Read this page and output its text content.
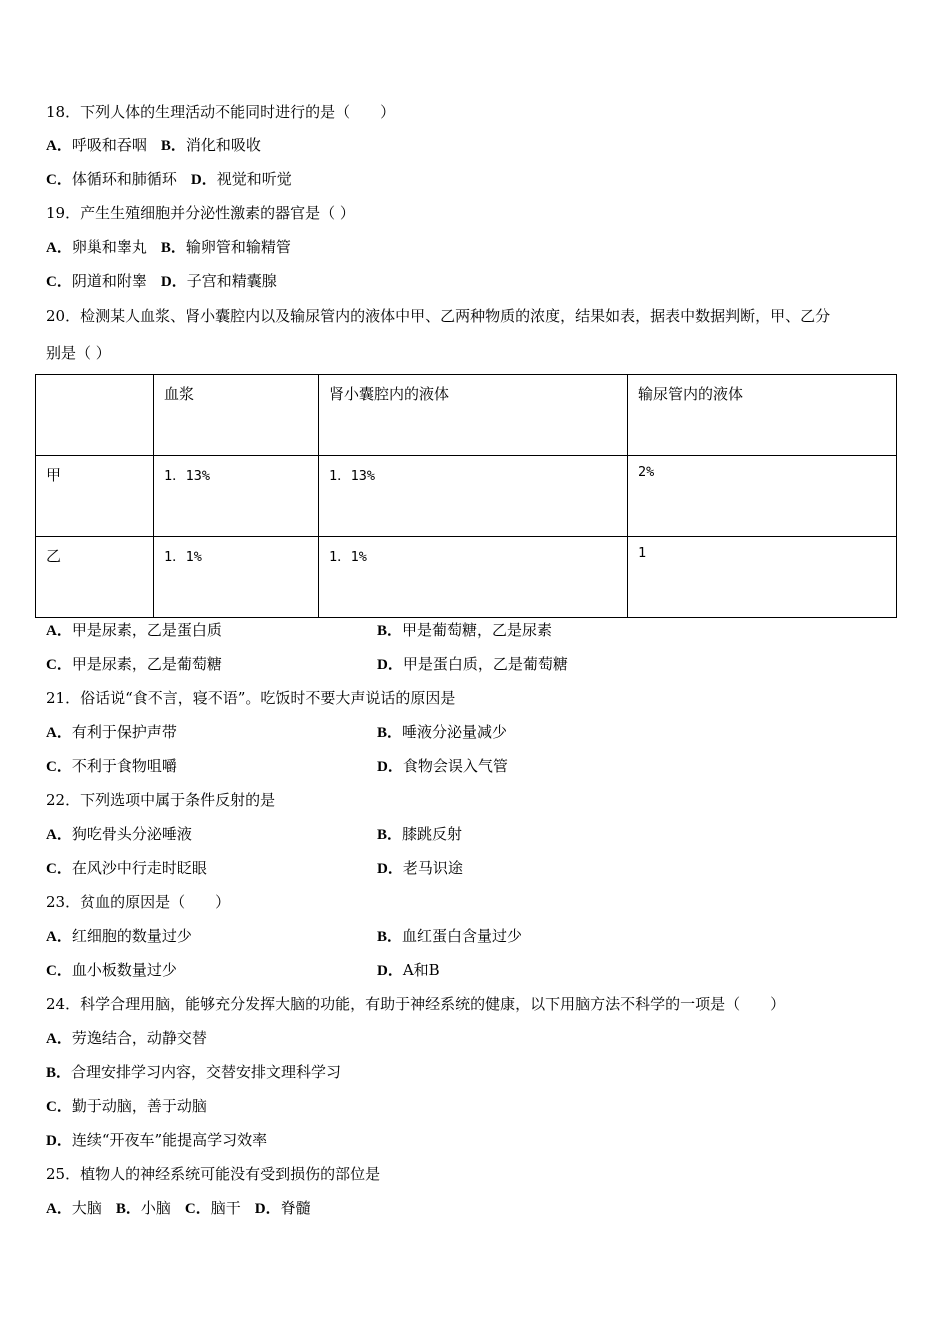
18．下列人体的生理活动不能同时进行的是（　　）
A．呼吸和吞咽 B．消化和吸收
C．体循环和肺循环 D．视觉和听觉
19．产生生殖细胞并分泌性激素的器官是（ ）
A．卵巢和睾丸 B．输卵管和输精管
C．阴道和附睾 D．子宫和精囊腺
20．检测某人血浆、肾小囊腔内以及输尿管内的液体中甲、乙两种物质的浓度，结果如表，据表中数据判断，甲、乙分
别是（ ）
	血浆	肾小囊腔内的液体	输尿管内的液体
甲	1．13%	1．13%	2%
乙	1．1%	1．1%	1
A．甲是尿素，乙是蛋白质	B．甲是葡萄糖，乙是尿素
C．甲是尿素，乙是葡萄糖	D．甲是蛋白质，乙是葡萄糖
21．俗话说“食不言，寝不语”。吃饭时不要大声说话的原因是
A．有利于保护声带	B．唾液分泌量减少
C．不利于食物咀嚼	D．食物会误入气管
22．下列选项中属于条件反射的是
A．狗吃骨头分泌唾液	B．膝跳反射
C．在风沙中行走时眨眼	D．老马识途
23．贫血的原因是（　　）
A．红细胞的数量过少	B．血红蛋白含量过少
C．血小板数量过少	D．A和B
24．科学合理用脑，能够充分发挥大脑的功能，有助于神经系统的健康，以下用脑方法不科学的一项是（　　）
A．劳逸结合，动静交替
B．合理安排学习内容，交替安排文理科学习
C．勤于动脑，善于动脑
D．连续“开夜车”能提高学习效率
25．植物人的神经系统可能没有受到损伤的部位是
A．大脑 B．小脑 C．脑干 D．脊髓
